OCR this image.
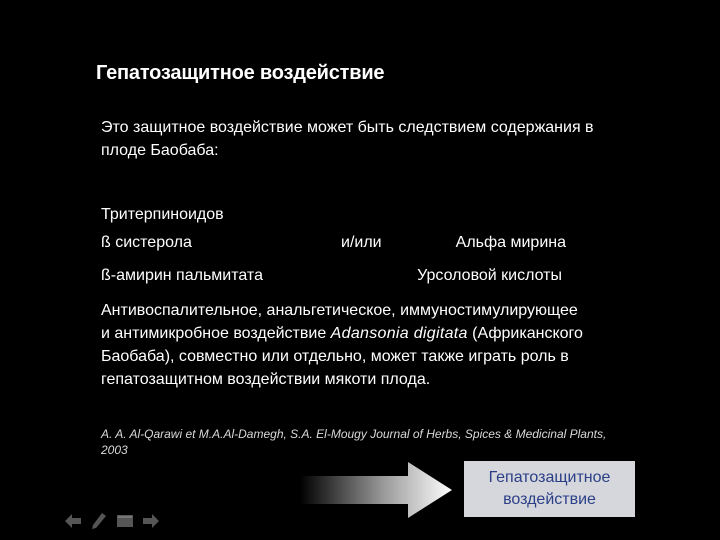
Гепатозащитное воздействие
Это защитное воздействие может быть следствием содержания в плоде Баобаба:
Тритерпиноидов
ß систерола	и/или	Альфа мирина
ß-амирин пальмитата	Урсоловой кислоты
Антивоспалительное, анальгетическое, иммуностимулирующее и антимикробное воздействие Adansonia digitata (Африканского Баобаба), совместно или отдельно, может также играть роль в гепатозащитном воздействии мякоти плода.
A. A. Al-Qarawi et M.A.Al-Damegh, S.A. El-Mougy Journal of Herbs, Spices & Medicinal Plants, 2003
Гепатозащитное воздействие
